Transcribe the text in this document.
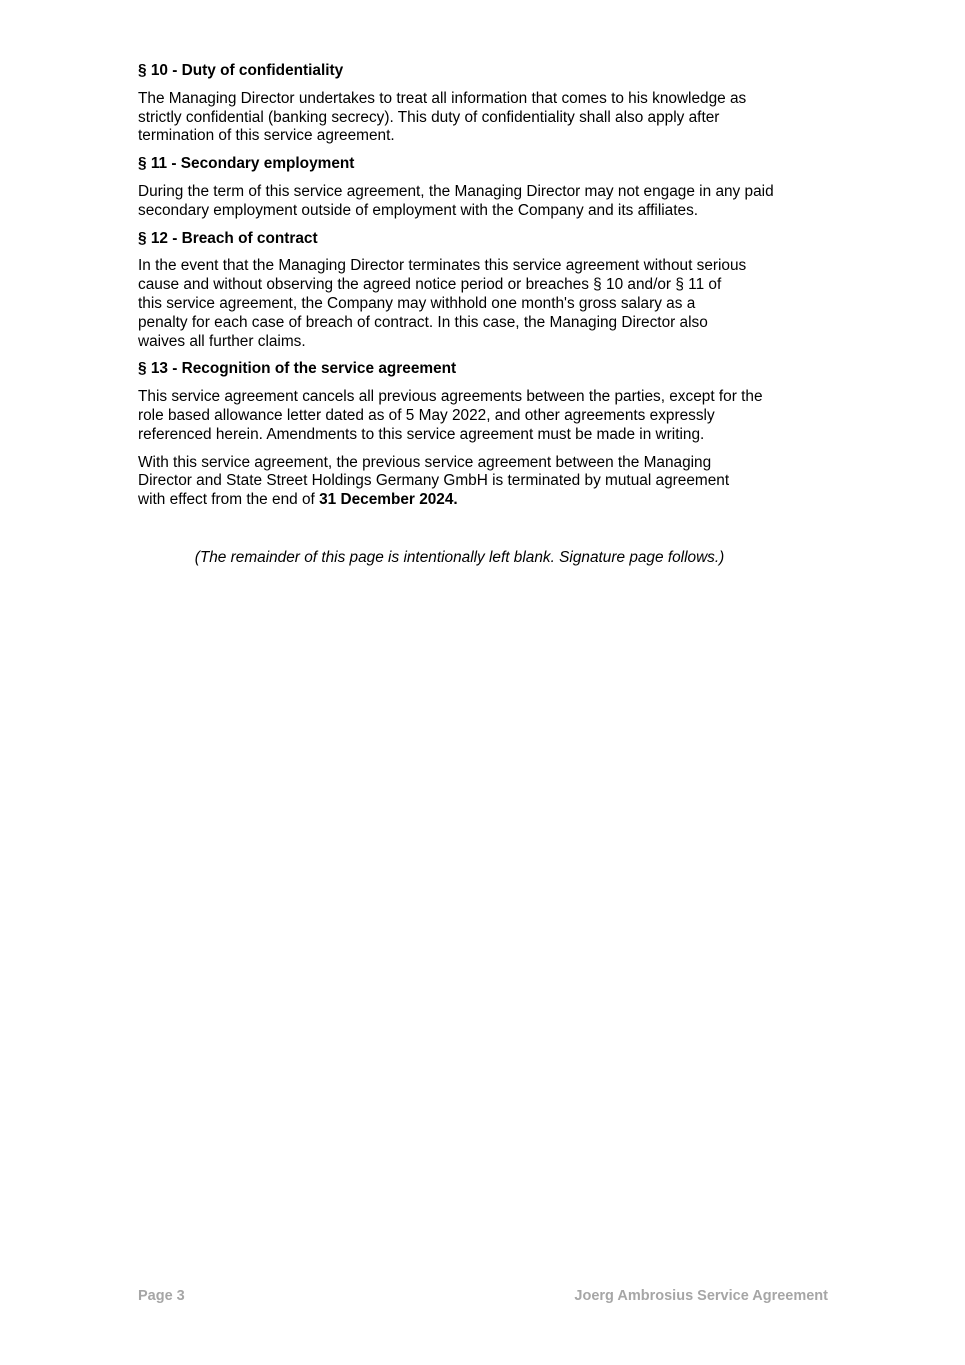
§ 10 - Duty of confidentiality
The Managing Director undertakes to treat all information that comes to his knowledge as
strictly confidential (banking secrecy). This duty of confidentiality shall also apply after
termination of this service agreement.
§ 11 - Secondary employment
During the term of this service agreement, the Managing Director may not engage in any paid
secondary employment outside of employment with the Company and its affiliates.
§ 12 - Breach of contract
In the event that the Managing Director terminates this service agreement without serious
cause and without observing the agreed notice period or breaches § 10 and/or § 11 of
this service agreement, the Company may withhold one month's gross salary as a
penalty for each case of breach of contract. In this case, the Managing Director also
waives all further claims.
§ 13 - Recognition of the service agreement
This service agreement cancels all previous agreements between the parties, except for the
role based allowance letter dated as of 5 May 2022, and other agreements expressly
referenced herein. Amendments to this service agreement must be made in writing.
With this service agreement, the previous service agreement between the Managing
Director and State Street Holdings Germany GmbH is terminated by mutual agreement
with effect from the end of 31 December 2024.
(The remainder of this page is intentionally left blank. Signature page follows.)
Page 3	Joerg Ambrosius Service Agreement
